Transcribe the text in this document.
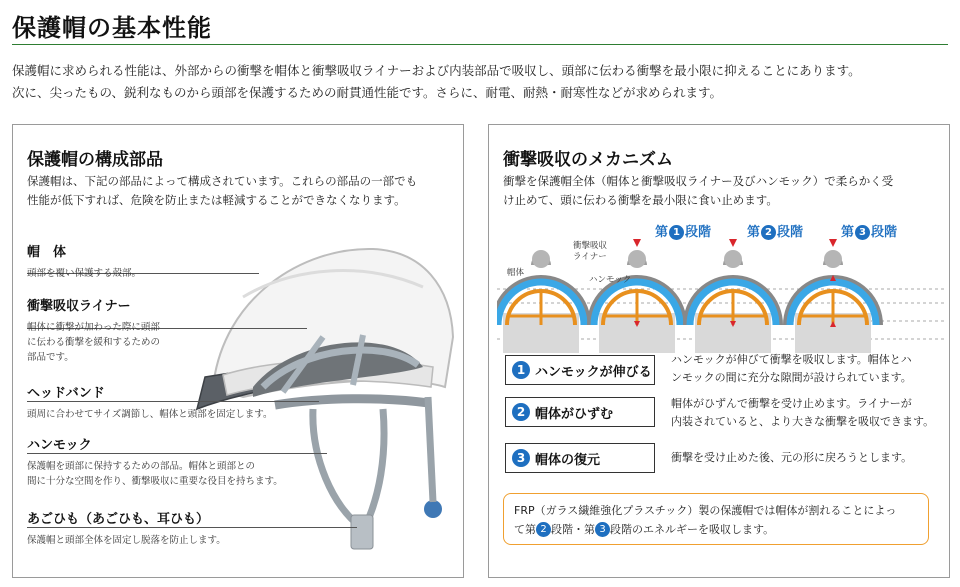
保護帽の基本性能
保護帽に求められる性能は、外部からの衝撃を帽体と衝撃吸収ライナーおよび内装部品で吸収し、頭部に伝わる衝撃を最小限に抑えることにあります。
次に、尖ったもの、鋭利なものから頭部を保護するための耐貫通性能です。さらに、耐電、耐熱・耐寒性などが求められます。
保護帽の構成部品
保護帽は、下記の部品によって構成されています。これらの部品の一部でも
性能が低下すれば、危険を防止または軽減することができなくなります。
帽　体
頭部を覆い保護する殻部。
衝撃吸収ライナー
帽体に衝撃が加わった際に頭部
に伝わる衝撃を緩和するための
部品です。
ヘッドバンド
頭周に合わせてサイズ調節し、帽体と頭部を固定します。
ハンモック
保護帽を頭部に保持するための部品。帽体と頭部との
間に十分な空間を作り、衝撃吸収に重要な役目を持ちます。
あごひも（あごひも、耳ひも）
保護帽と頭部全体を固定し脱落を防止します。
衝撃吸収のメカニズム
衝撃を保護帽全体（帽体と衝撃吸収ライナー及びハンモック）で柔らかく受
け止めて、頭に伝わる衝撃を最小限に食い止めます。
第 1 段階	第 2 段階	第 3 段階
帽体
衝撃吸収
ライナー
ハンモック
1 ハンモックが伸びる
ハンモックが伸びて衝撃を吸収します。帽体とハ
ンモックの間に充分な隙間が設けられています。
2 帽体がひずむ
帽体がひずんで衝撃を受け止めます。ライナーが
内装されていると、より大きな衝撃を吸収できます。
3 帽体の復元	衝撃を受け止めた後、元の形に戻ろうとします。
FRP（ガラス繊維強化プラスチック）製の保護帽では帽体が割れることによっ
て第 2 段階・第 3 段階のエネルギーを吸収します。
